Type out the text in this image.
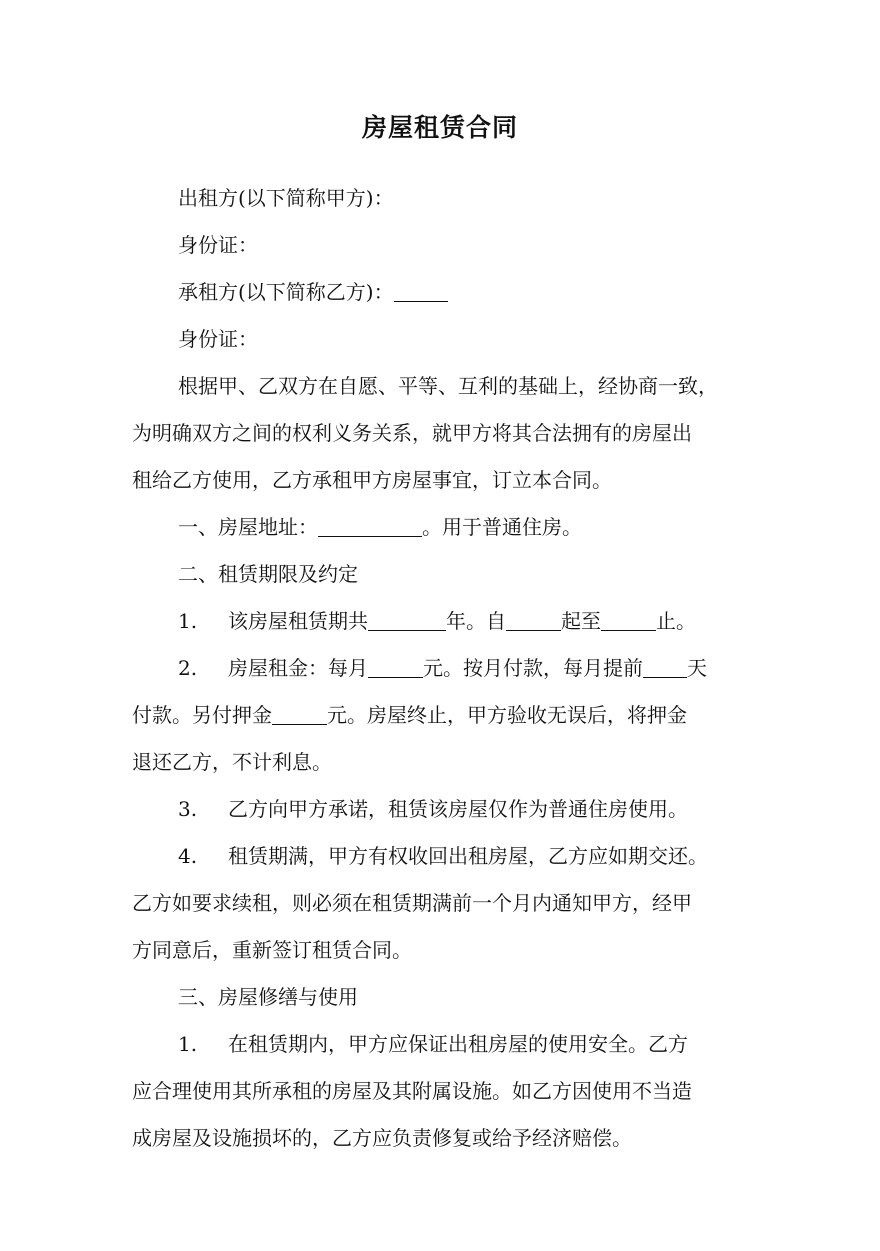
房屋租赁合同
出租方(以下简称甲方)：
身份证：
承租方(以下简称乙方)：
身份证：
根据甲、乙双方在自愿、平等、互利的基础上，经协商一致，
为明确双方之间的权利义务关系，就甲方将其合法拥有的房屋出
租给乙方使用，乙方承租甲方房屋事宜，订立本合同。
一、房屋地址：	。用于普通住房。
二、租赁期限及约定
1. 该房屋租赁期共	年。自	起至	止。
2. 房屋租金：每月	元。按月付款，每月提前 天
付款。另付押金	元。房屋终止，甲方验收无误后，将押金
退还乙方，不计利息。
3. 乙方向甲方承诺，租赁该房屋仅作为普通住房使用。
4. 租赁期满，甲方有权收回出租房屋，乙方应如期交还。
乙方如要求续租，则必须在租赁期满前一个月内通知甲方，经甲
方同意后，重新签订租赁合同。
三、房屋修缮与使用
1. 在租赁期内，甲方应保证出租房屋的使用安全。乙方
应合理使用其所承租的房屋及其附属设施。如乙方因使用不当造
成房屋及设施损坏的，乙方应负责修复或给予经济赔偿。
